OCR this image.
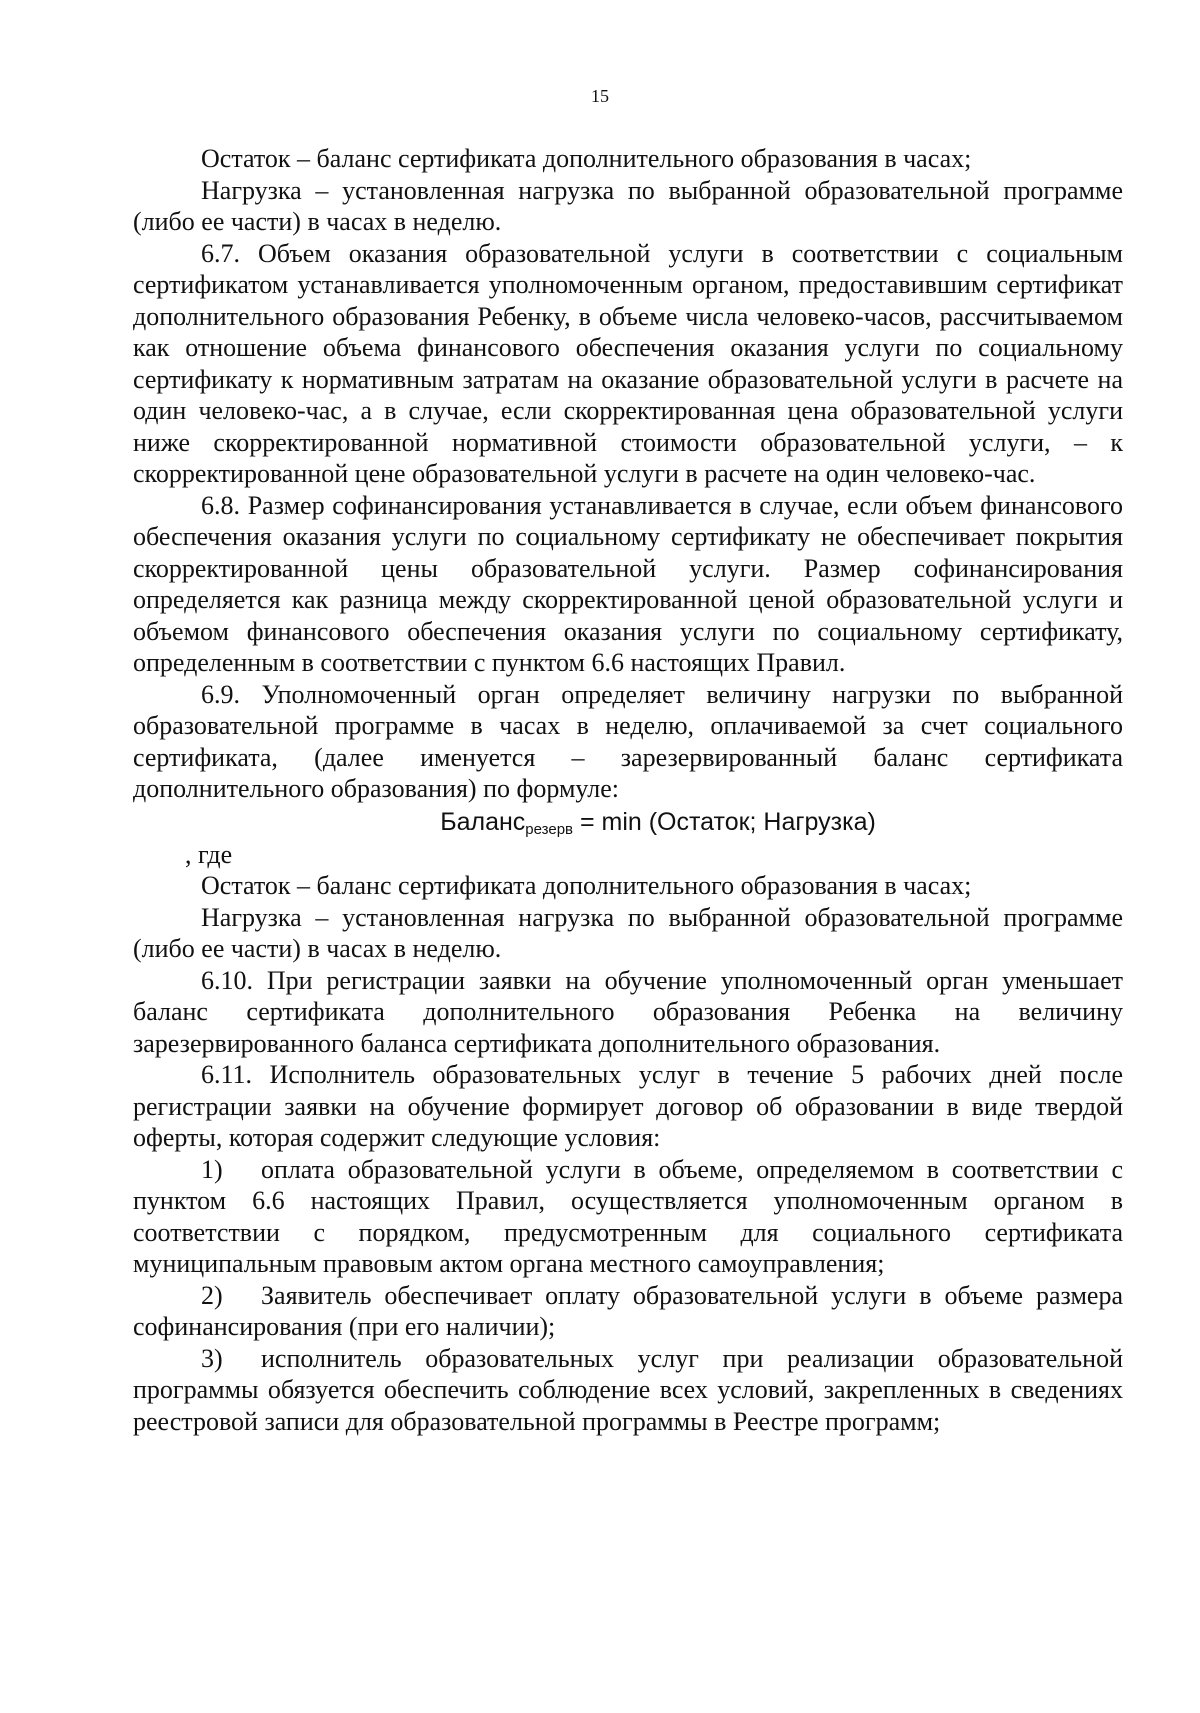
15

Остаток – баланс сертификата дополнительного образования в часах;

Нагрузка – установленная нагрузка по выбранной образовательной программе (либо ее части) в часах в неделю.

6.7. Объем оказания образовательной услуги в соответствии с социальным сертификатом устанавливается уполномоченным органом, предоставившим сертификат дополнительного образования Ребенку, в объеме числа человеко-часов, рассчитываемом как отношение объема финансового обеспечения оказания услуги по социальному сертификату к нормативным затратам на оказание образовательной услуги в расчете на один человеко-час, а в случае, если скорректированная цена образовательной услуги ниже скорректированной нормативной стоимости образовательной услуги, – к скорректированной цене образовательной услуги в расчете на один человеко-час.

6.8. Размер софинансирования устанавливается в случае, если объем финансового обеспечения оказания услуги по социальному сертификату не обеспечивает покрытия скорректированной цены образовательной услуги. Размер софинансирования определяется как разница между скорректированной ценой образовательной услуги и объемом финансового обеспечения оказания услуги по социальному сертификату, определенным в соответствии с пунктом 6.6 настоящих Правил.

6.9. Уполномоченный орган определяет величину нагрузки по выбранной образовательной программе в часах в неделю, оплачиваемой за счет социального сертификата, (далее именуется – зарезервированный баланс сертификата дополнительного образования) по формуле:

Баланс$_{резерв}$ = min (Остаток; Нагрузка)

, где

Остаток – баланс сертификата дополнительного образования в часах;

Нагрузка – установленная нагрузка по выбранной образовательной программе (либо ее части) в часах в неделю.

6.10. При регистрации заявки на обучение уполномоченный орган уменьшает баланс сертификата дополнительного образования Ребенка на величину зарезервированного баланса сертификата дополнительного образования.

6.11. Исполнитель образовательных услуг в течение 5 рабочих дней после регистрации заявки на обучение формирует договор об образовании в виде твердой оферты, которая содержит следующие условия:

1) оплата образовательной услуги в объеме, определяемом в соответствии с пунктом 6.6 настоящих Правил, осуществляется уполномоченным органом в соответствии с порядком, предусмотренным для социального сертификата муниципальным правовым актом органа местного самоуправления;

2) Заявитель обеспечивает оплату образовательной услуги в объеме размера софинансирования (при его наличии);

3) исполнитель образовательных услуг при реализации образовательной программы обязуется обеспечить соблюдение всех условий, закрепленных в сведениях реестровой записи для образовательной программы в Реестре программ;
